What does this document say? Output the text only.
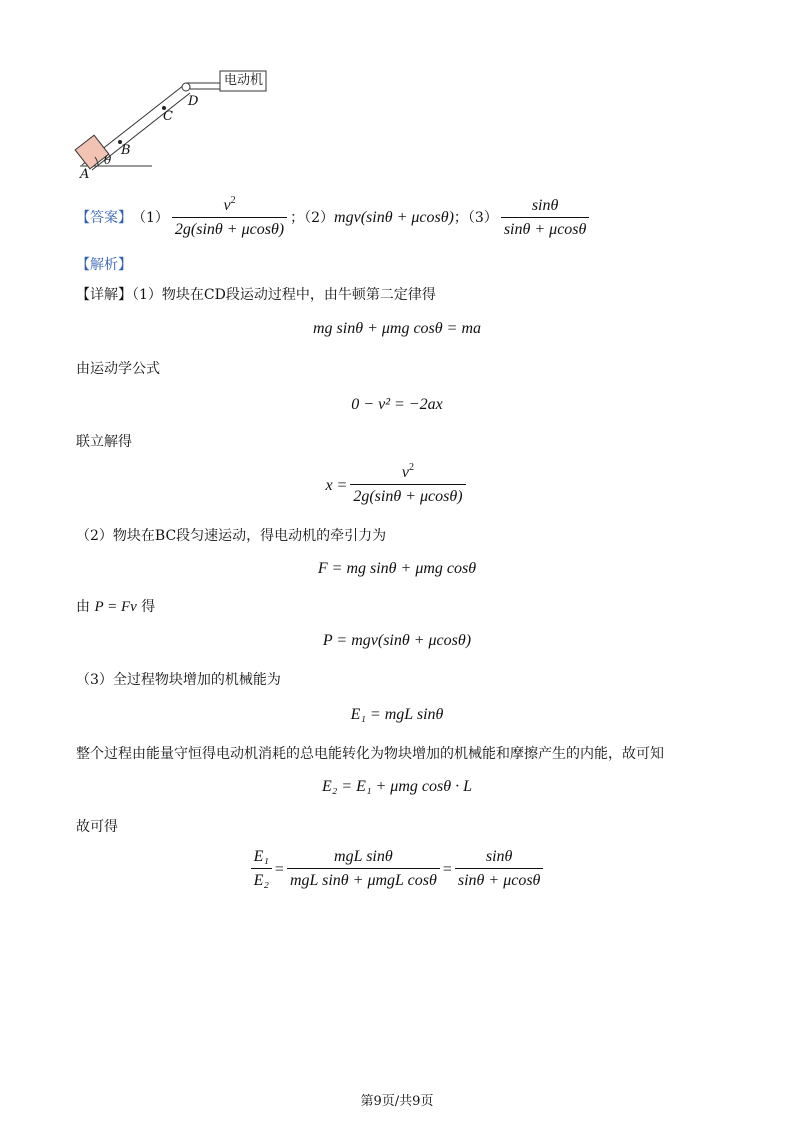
电动机
D
C
B
θ
A
【答案】 $(1) \frac{v^2}{2g(\sin\theta + \mu\cos\theta)}$ ；（2） mgv(sinθ + μcosθ) ；$(3) \frac{\sin\theta}{\sin\theta + \mu\cos\theta}$
【解析】
【详解】（1）物块在CD段运动过程中，由牛顿第二定律得
mg sinθ + μmg cosθ = ma
由运动学公式
0 − v² = −2ax
联立解得
$x = \frac{v^2}{2g(\sin\theta + \mu\cos\theta)}$
（2）物块在BC段匀速运动，得电动机的牵引力为
F = mg sinθ + μmg cosθ
由 P = Fv 得
P = mgv(sinθ + μcosθ)
（3）全过程物块增加的机械能为
E₁ = mgL sinθ
整个过程由能量守恒得电动机消耗的总电能转化为物块增加的机械能和摩擦产生的内能，故可知
E₂ = E₁ + μmg cosθ · L
故可得
$\frac{\text{E₁}}{\text{E₂}} = \frac{\text{mgL sinθ}}{\text{mgL sinθ + μmgL cosθ}} = \frac{\sin\theta}{\sin\theta + \mu\cos\theta}$
第9页/共9页
